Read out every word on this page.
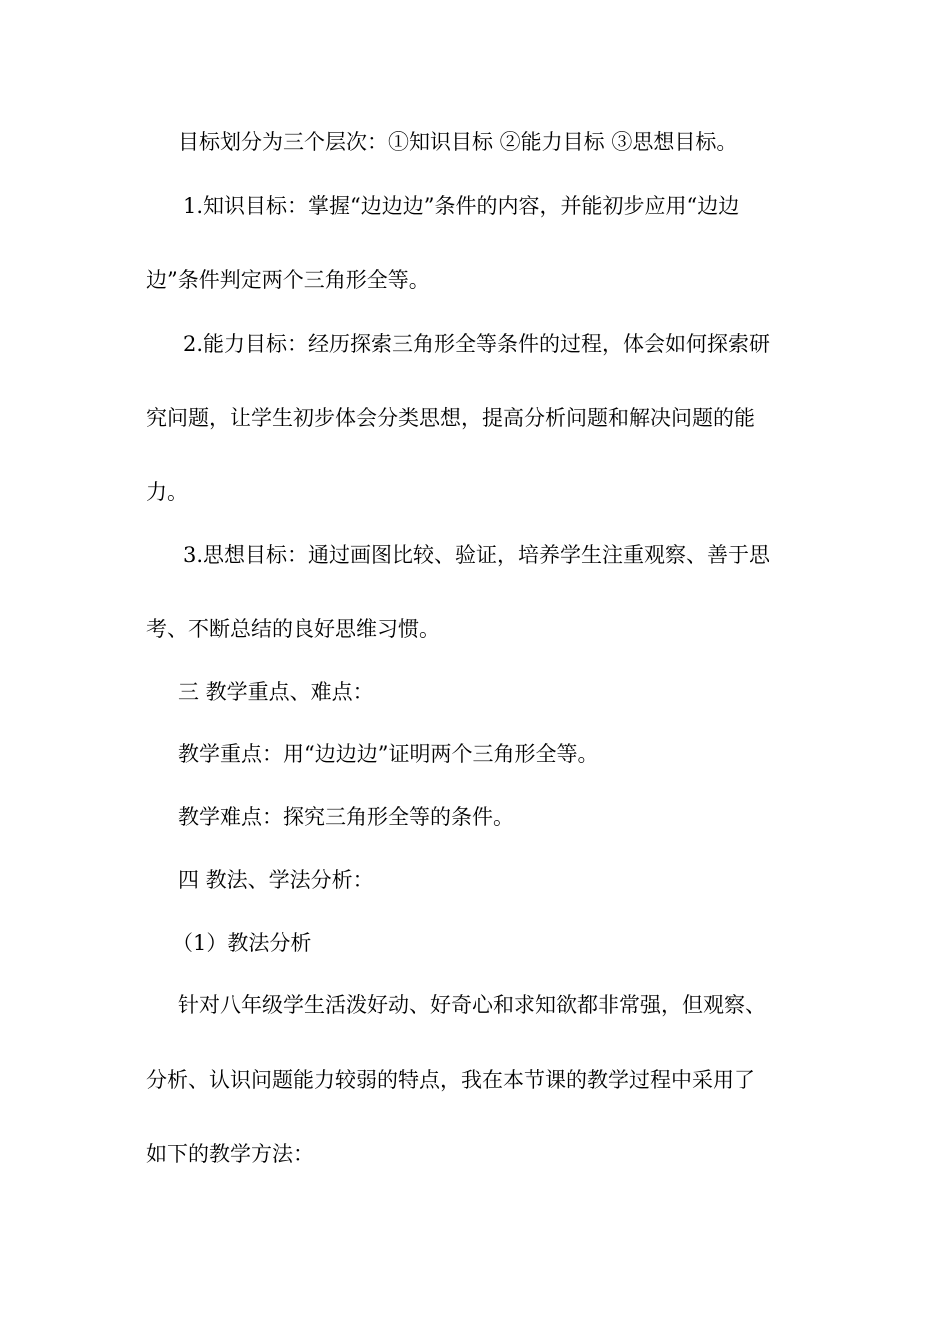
目标划分为三个层次：①知识目标 ②能力目标 ③思想目标。
1.知识目标：掌握“边边边”条件的内容，并能初步应用“边边
边”条件判定两个三角形全等。
2.能力目标：经历探索三角形全等条件的过程，体会如何探索研
究问题，让学生初步体会分类思想，提高分析问题和解决问题的能
力。
3.思想目标：通过画图比较、验证，培养学生注重观察、善于思
考、不断总结的良好思维习惯。
三 教学重点、难点：
教学重点：用“边边边”证明两个三角形全等。
教学难点：探究三角形全等的条件。
四 教法、学法分析：
（1）教法分析
针对八年级学生活泼好动、好奇心和求知欲都非常强，但观察、
分析、认识问题能力较弱的特点，我在本节课的教学过程中采用了
如下的教学方法：
